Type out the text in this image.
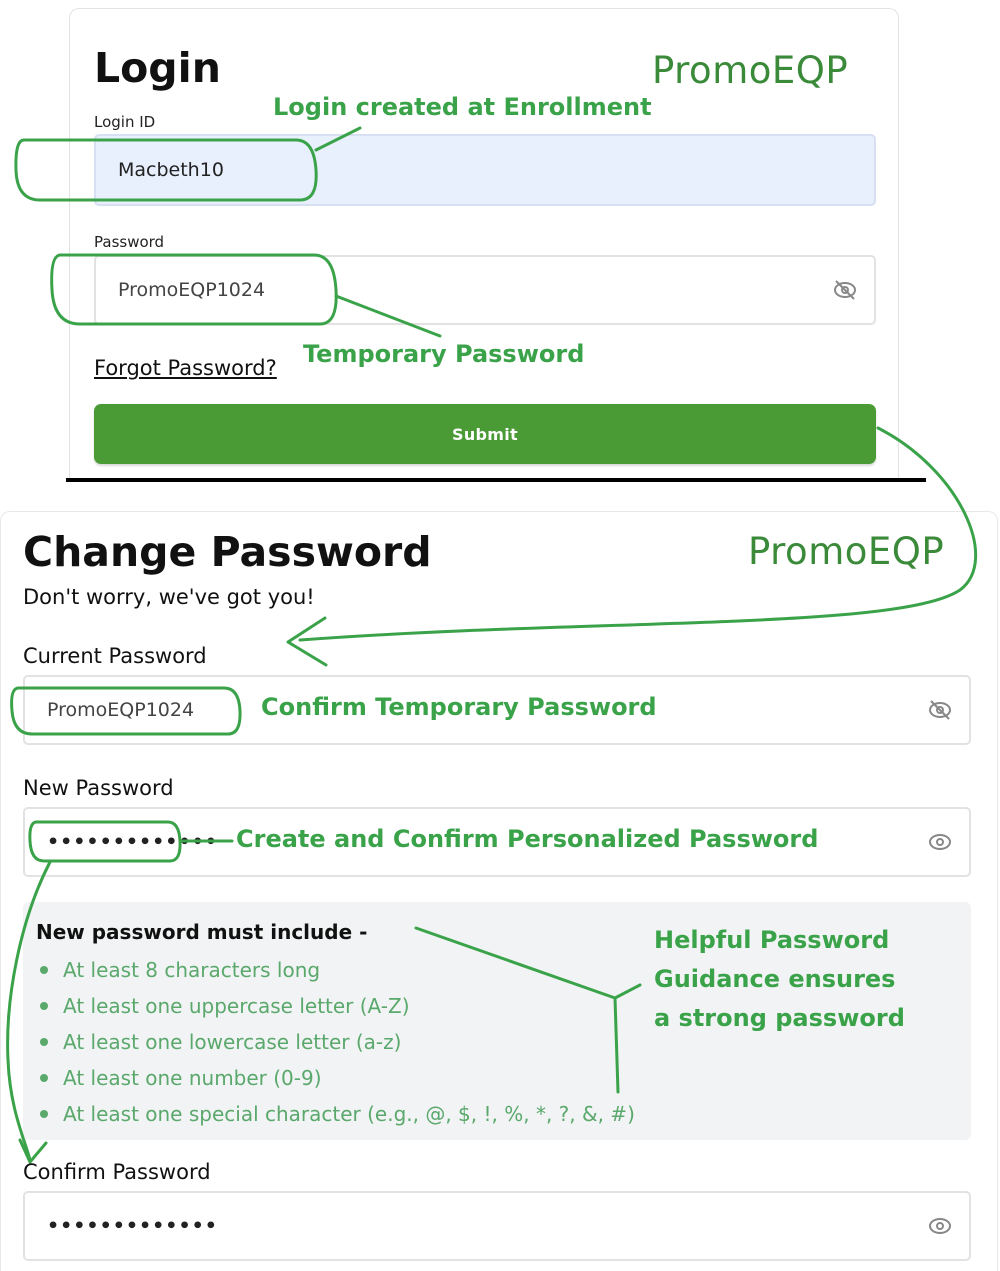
Login	PromoEQP
Login ID
Macbeth10
Password
PromoEQP1024
Forgot Password?
Submit
Change Password	PromoEQP
Don't worry, we've got you!
Current Password
PromoEQP1024
New Password
•••••••••••••
New password must include -
At least 8 characters long
At least one uppercase letter (A-Z)
At least one lowercase letter (a-z)
At least one number (0-9)
At least one special character (e.g., @, $, !, %, *, ?, &, #)
Confirm Password
•••••••••••••
Login created at Enrollment
Temporary Password
Confirm Temporary Password
Create and Confirm Personalized Password
Helpful Password
Guidance ensures
a strong password
